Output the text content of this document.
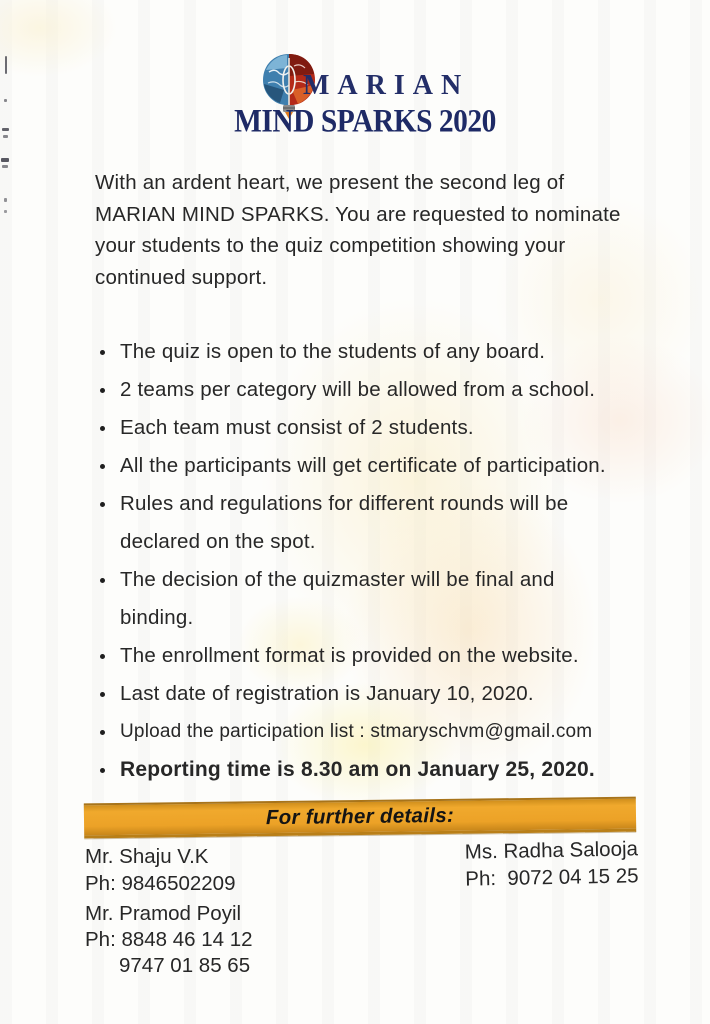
MARIAN
MIND SPARKS 2020
With an ardent heart, we present the second leg of
MARIAN MIND SPARKS. You are requested to nominate
your students to the quiz competition showing your
continued support.
The quiz is open to the students of any board.
2 teams per category will be allowed from a school.
Each team must consist of 2 students.
All the participants will get certificate of participation.
Rules and regulations for different rounds will be
declared on the spot.
The decision of the quizmaster will be final and
binding.
The enrollment format is provided on the website.
Last date of registration is January 10, 2020.
Upload the participation list : stmaryschvm@gmail.com
Reporting time is 8.30 am on January 25, 2020.
For further details:
Mr. Shaju V.K
Ph: 9846502209
Ms. Radha Salooja
Ph:  9072 04 15 25
Mr. Pramod Poyil
Ph: 8848 46 14 12
9747 01 85 65
